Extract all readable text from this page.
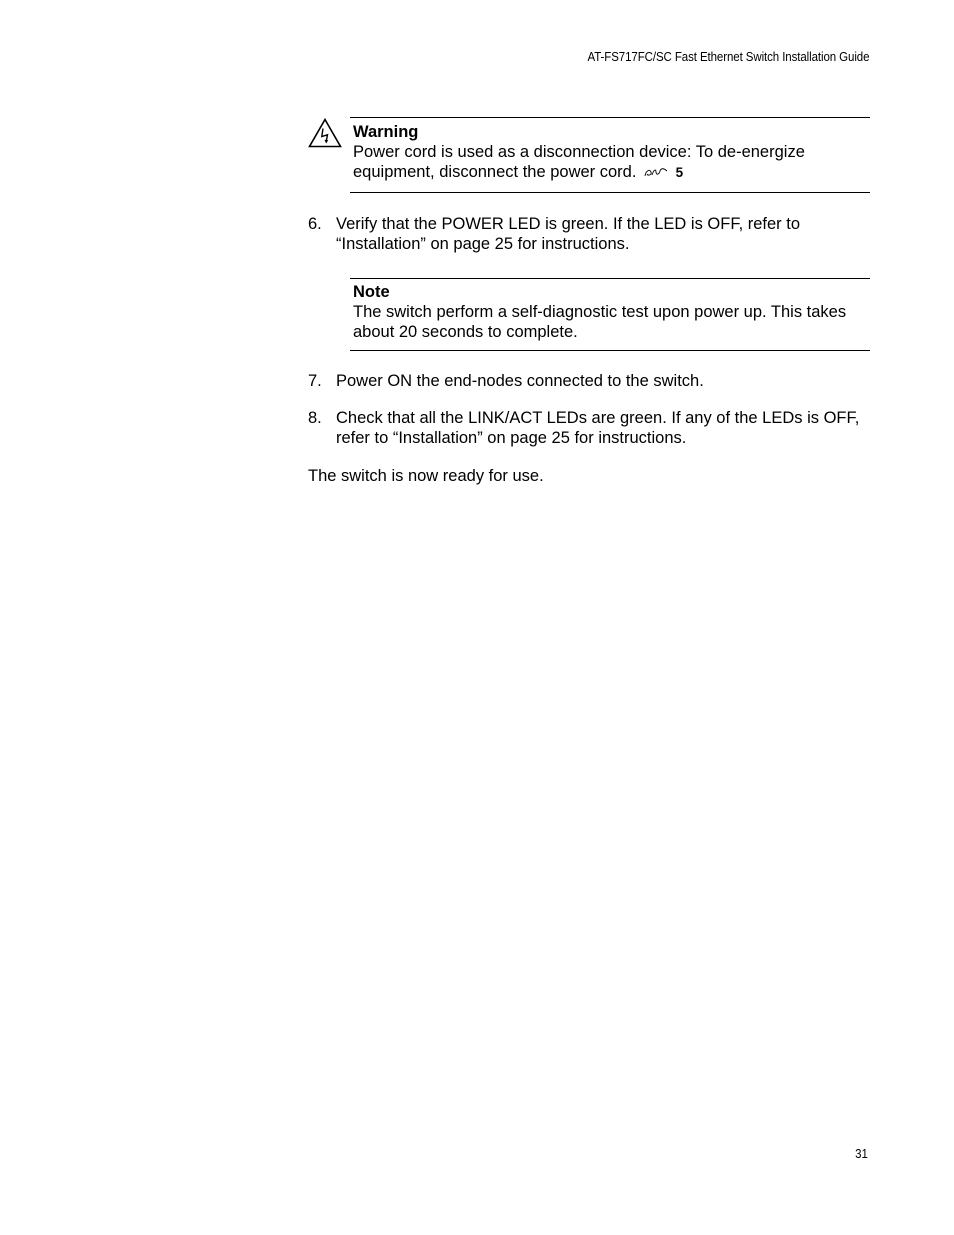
AT-FS717FC/SC Fast Ethernet Switch Installation Guide
Warning
Power cord is used as a disconnection device: To de-energize equipment, disconnect the power cord.	5
6. Verify that the POWER LED is green. If the LED is OFF, refer to “Installation” on page 25 for instructions.
Note
The switch perform a self-diagnostic test upon power up. This takes about 20 seconds to complete.
7. Power ON the end-nodes connected to the switch.
8. Check that all the LINK/ACT LEDs are green. If any of the LEDs is OFF, refer to “Installation” on page 25 for instructions.
The switch is now ready for use.
31
